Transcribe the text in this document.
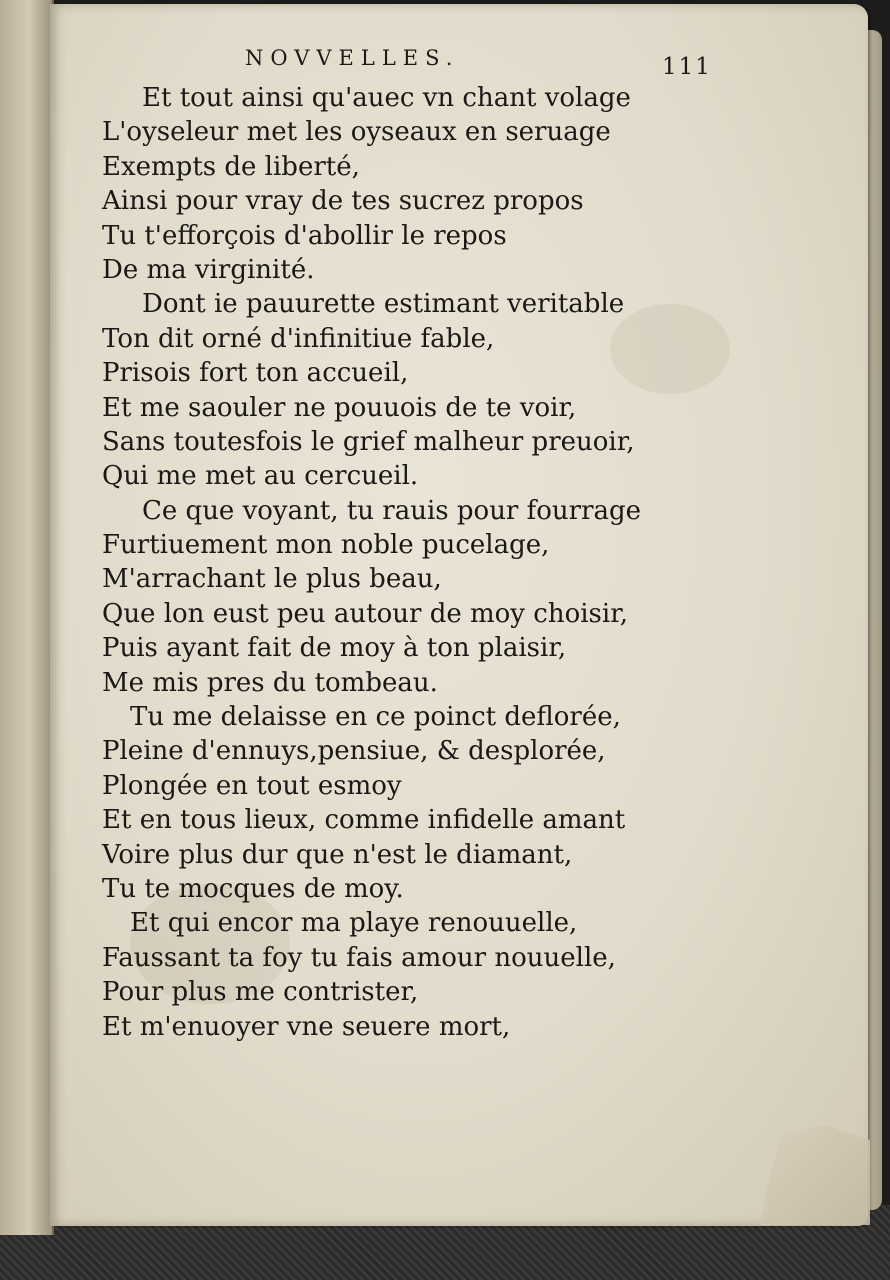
NOVVELLES.	111
Et tout ainsi qu'auec vn chant volage
L'oyseleur met les oyseaux en seruage
Exempts de liberté,
Ainsi pour vray de tes sucrez propos
Tu t'efforçois d'abollir le repos
De ma virginité.
Dont ie pauurette estimant veritable
Ton dit orné d'infinitiue fable,
Prisois fort ton accueil,
Et me saouler ne pouuois de te voir,
Sans toutesfois le grief malheur preuoir,
Qui me met au cercueil.
Ce que voyant, tu rauis pour fourrage
Furtiuement mon noble pucelage,
M'arrachant le plus beau,
Que lon eust peu autour de moy choisir,
Puis ayant fait de moy à ton plaisir,
Me mis pres du tombeau.
Tu me delaisse en ce poinct deflorée,
Pleine d'ennuys,pensiue, & desplorée,
Plongée en tout esmoy
Et en tous lieux, comme infidelle amant
Voire plus dur que n'est le diamant,
Tu te mocques de moy.
Et qui encor ma playe renouuelle,
Faussant ta foy tu fais amour nouuelle,
Pour plus me contrister,
Et m'enuoyer vne seuere mort,
